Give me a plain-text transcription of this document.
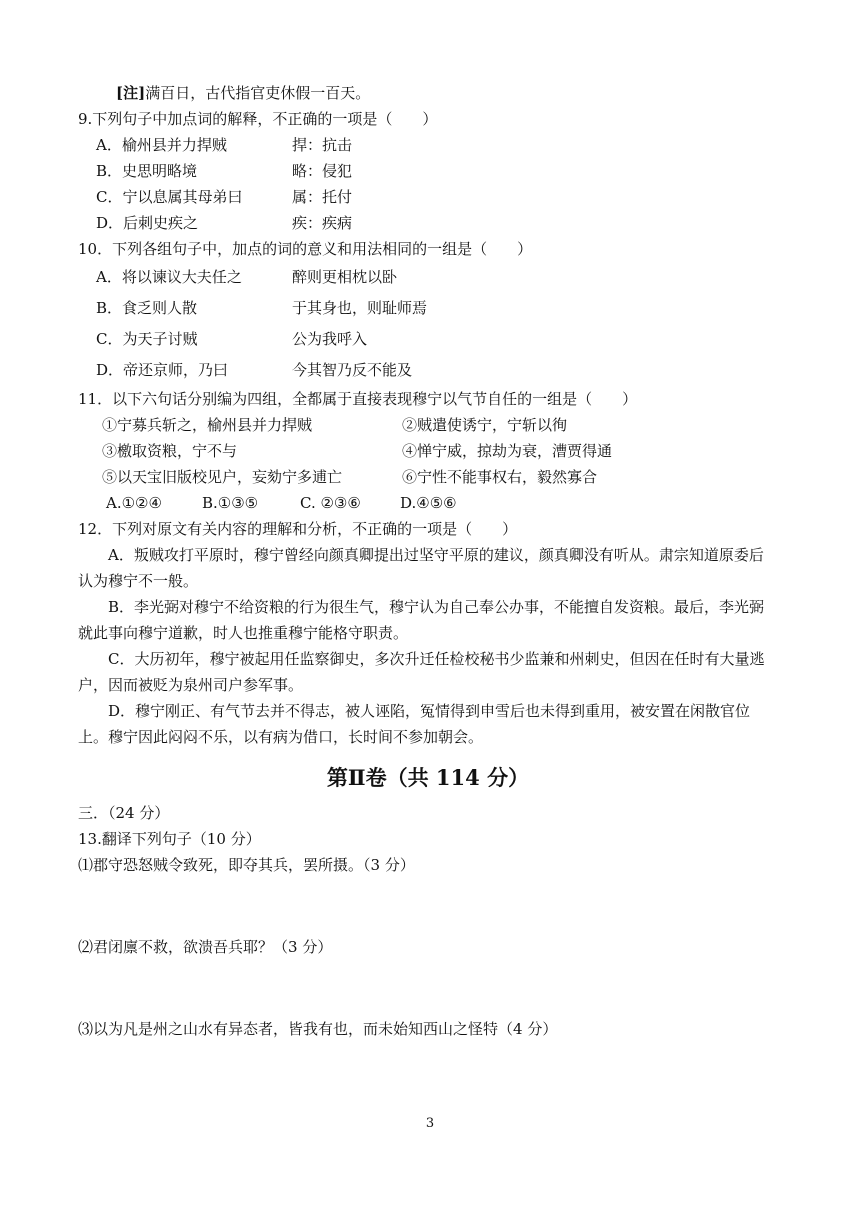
[注]满百日，古代指官吏休假一百天。
9.下列句子中加点词的解释，不正确的一项是（　　）
A．榆州县并力捍贼	捍：抗击
B．史思明略境	略：侵犯
C．宁以息属其母弟曰	属：托付
D．后刺史疾之	疾：疾病
10．下列各组句子中，加点的词的意义和用法相同的一组是（　　）
A．将以谏议大夫任之	醉则更相枕以卧
B．食乏则人散	于其身也，则耻师焉
C．为天子讨贼	公为我呼入
D．帝还京师，乃曰	今其智乃反不能及
11．以下六句话分别编为四组，全都属于直接表现穆宁以气节自任的一组是（　　）
①宁募兵斩之，榆州县并力捍贼	②贼遣使诱宁，宁斩以徇
③檄取资粮，宁不与	④惮宁威，掠劫为衰，漕贾得通
⑤以天宝旧版校见户，妄劾宁多逋亡	⑥宁性不能事权右，毅然寡合
A.①②④	B.①③⑤	C. ②③⑥	D.④⑤⑥
12．下列对原文有关内容的理解和分析，不正确的一项是（　　）
A．叛贼攻打平原时，穆宁曾经向颜真卿提出过坚守平原的建议，颜真卿没有听从。肃宗知道原委后认为穆宁不一般。
B．李光弼对穆宁不给资粮的行为很生气，穆宁认为自己奉公办事，不能擅自发资粮。最后，李光弼就此事向穆宁道歉，时人也推重穆宁能格守职责。
C．大历初年，穆宁被起用任监察御史，多次升迁任检校秘书少监兼和州刺史，但因在任时有大量逃户，因而被贬为泉州司户参军事。
D．穆宁刚正、有气节去并不得志，被人诬陷，冤情得到申雪后也未得到重用，被安置在闲散官位上。穆宁因此闷闷不乐，以有病为借口，长时间不参加朝会。
第Ⅱ卷（共 114 分）
三．（24 分）
13.翻译下列句子（10 分）
⑴郡守恐怒贼令致死，即夺其兵，罢所摄。（3 分）
⑵君闭廪不救，欲溃吾兵耶？（3 分）
⑶以为凡是州之山水有异态者，皆我有也，而未始知西山之怪特（4 分）
3
